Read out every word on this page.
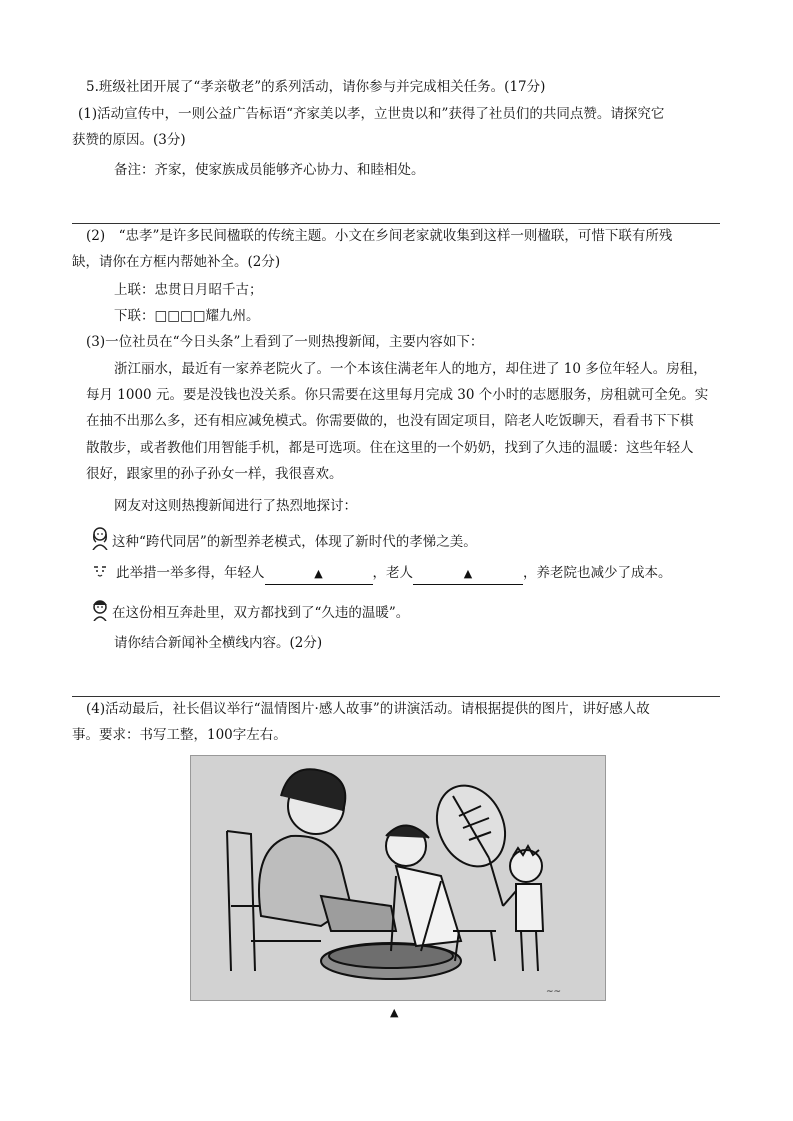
5.班级社团开展了“孝亲敬老”的系列活动，请你参与并完成相关任务。(17分)
(1)活动宣传中，一则公益广告标语“齐家美以孝，立世贵以和”获得了社员们的共同点赞。请探究它
获赞的原因。(3分)
备注：齐家，使家族成员能够齐心协力、和睦相处。
(2)　“忠孝”是许多民间楹联的传统主题。小文在乡间老家就收集到这样一则楹联，可惜下联有所残
缺，请你在方框内帮她补全。(2分)
上联：忠贯日月昭千古；
下联：□□□□耀九州。
(3)一位社员在“今日头条”上看到了一则热搜新闻，主要内容如下：
浙江丽水，最近有一家养老院火了。一个本该住满老年人的地方，却住进了 10 多位年轻人。房租，
每月 1000 元。要是没钱也没关系。你只需要在这里每月完成 30 个小时的志愿服务，房租就可全免。实
在抽不出那么多，还有相应减免模式。你需要做的，也没有固定项目，陪老人吃饭聊天，看看书下下棋
散散步，或者教他们用智能手机，都是可选项。住在这里的一个奶奶，找到了久违的温暖：这些年轻人
很好，跟家里的孙子孙女一样，我很喜欢。
网友对这则热搜新闻进行了热烈地探讨：
这种“跨代同居”的新型养老模式，体现了新时代的孝悌之美。
此举措一举多得，年轻人	▲	，老人	▲	，养老院也减少了成本。
在这份相互奔赴里，双方都找到了“久违的温暖”。
请你结合新闻补全横线内容。(2分)
(4)活动最后，社长倡议举行“温情图片·感人故事”的讲演活动。请根据提供的图片，讲好感人故
事。要求：书写工整，100字左右。
~~
▲
